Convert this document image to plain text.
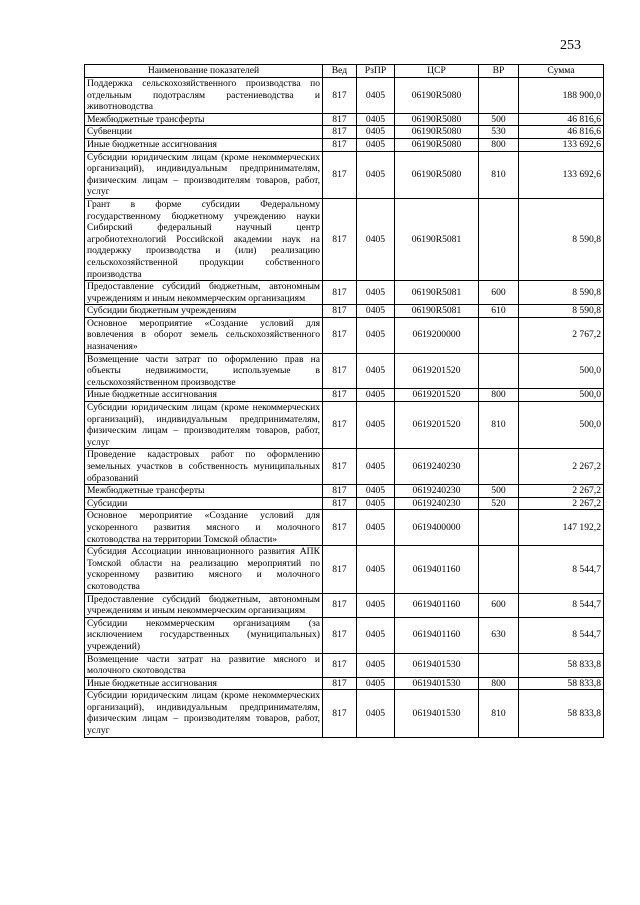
253
Наименование показателей	Вед	РзПР	ЦСР	ВР	Сумма
Поддержка сельскохозяйственного производства по отдельным подотраслям растениеводства и животноводства	817	0405	06190R5080		188 900,0
Межбюджетные трансферты	817	0405	06190R5080	500	46 816,6
Субвенции	817	0405	06190R5080	530	46 816,6
Иные бюджетные ассигнования	817	0405	06190R5080	800	133 692,6
Субсидии юридическим лицам (кроме некоммерческих организаций), индивидуальным предпринимателям, физическим лицам – производителям товаров, работ, услуг	817	0405	06190R5080	810	133 692,6
Грант в форме субсидии Федеральному государственному бюджетному учреждению науки Сибирский федеральный научный центр агробиотехнологий Российской академии наук на поддержку производства и (или) реализацию сельскохозяйственной продукции собственного производства	817	0405	06190R5081		8 590,8
Предоставление субсидий бюджетным, автономным учреждениям и иным некоммерческим организациям	817	0405	06190R5081	600	8 590,8
Субсидии бюджетным учреждениям	817	0405	06190R5081	610	8 590,8
Основное мероприятие «Создание условий для вовлечения в оборот земель сельскохозяйственного назначения»	817	0405	0619200000		2 767,2
Возмещение части затрат по оформлению прав на объекты недвижимости, используемые в сельскохозяйственном производстве	817	0405	0619201520		500,0
Иные бюджетные ассигнования	817	0405	0619201520	800	500,0
Субсидии юридическим лицам (кроме некоммерческих организаций), индивидуальным предпринимателям, физическим лицам – производителям товаров, работ, услуг	817	0405	0619201520	810	500,0
Проведение кадастровых работ по оформлению земельных участков в собственность муниципальных образований	817	0405	0619240230		2 267,2
Межбюджетные трансферты	817	0405	0619240230	500	2 267,2
Субсидии	817	0405	0619240230	520	2 267,2
Основное мероприятие «Создание условий для ускоренного развития мясного и молочного скотоводства на территории Томской области»	817	0405	0619400000		147 192,2
Субсидия Ассоциации инновационного развития АПК Томской области на реализацию мероприятий по ускоренному развитию мясного и молочного скотоводства	817	0405	0619401160		8 544,7
Предоставление субсидий бюджетным, автономным учреждениям и иным некоммерческим организациям	817	0405	0619401160	600	8 544,7
Субсидии некоммерческим организациям (за исключением государственных (муниципальных) учреждений)	817	0405	0619401160	630	8 544,7
Возмещение части затрат на развитие мясного и молочного скотоводства	817	0405	0619401530		58 833,8
Иные бюджетные ассигнования	817	0405	0619401530	800	58 833,8
Субсидии юридическим лицам (кроме некоммерческих организаций), индивидуальным предпринимателям, физическим лицам – производителям товаров, работ, услуг	817	0405	0619401530	810	58 833,8
